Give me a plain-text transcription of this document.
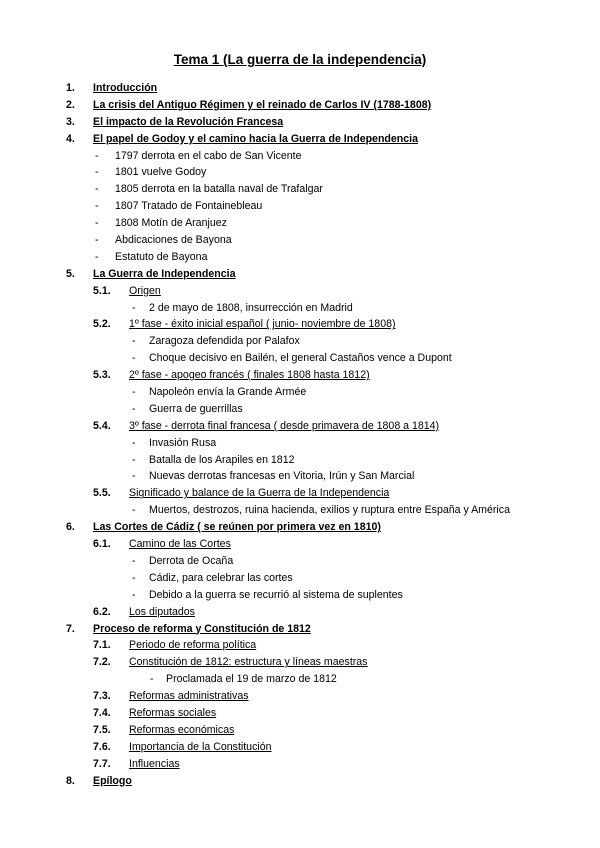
Tema 1 (La guerra de la independencia)
1. Introducción
2. La crisis del Antiguo Régimen y el reinado de Carlos IV (1788-1808)
3. El impacto de la Revolución Francesa
4. El papel de Godoy y el camino hacia la Guerra de Independencia
- 1797 derrota en el cabo de San Vicente
- 1801 vuelve Godoy
- 1805 derrota en la batalla naval de Trafalgar
- 1807 Tratado de Fontainebleau
- 1808 Motín de Aranjuez
- Abdicaciones de Bayona
- Estatuto de Bayona
5. La Guerra de Independencia
5.1. Origen
- 2 de mayo de 1808, insurrección en Madrid
5.2. 1º fase - éxito inicial español ( junio- noviembre de 1808)
- Zaragoza defendida por Palafox
- Choque decisivo en Bailén, el general Castaños vence a Dupont
5.3. 2º fase - apogeo francés ( finales 1808 hasta 1812)
- Napoleón envía la Grande Armée
- Guerra de guerrillas
5.4. 3º fase - derrota final francesa ( desde primavera de 1808 a 1814)
- Invasión Rusa
- Batalla de los Arapiles en 1812
- Nuevas derrotas francesas en Vitoria, Irún y San Marcial
5.5. Significado y balance de la Guerra de la Independencia
- Muertos, destrozos, ruina hacienda, exilios y ruptura entre España y América
6. Las Cortes de Cádiz ( se reúnen por primera vez en 1810)
6.1. Camino de las Cortes
- Derrota de Ocaña
- Cádiz, para celebrar las cortes
- Debido a la guerra se recurrió al sistema de suplentes
6.2. Los diputados
7. Proceso de reforma y Constitución de 1812
7.1. Periodo de reforma política
7.2. Constitución de 1812: estructura y líneas maestras
- Proclamada el 19 de marzo de 1812
7.3. Reformas administrativas
7.4. Reformas sociales
7.5. Reformas económicas
7.6. Importancia de la Constitución
7.7. Influencias
8. Epílogo
